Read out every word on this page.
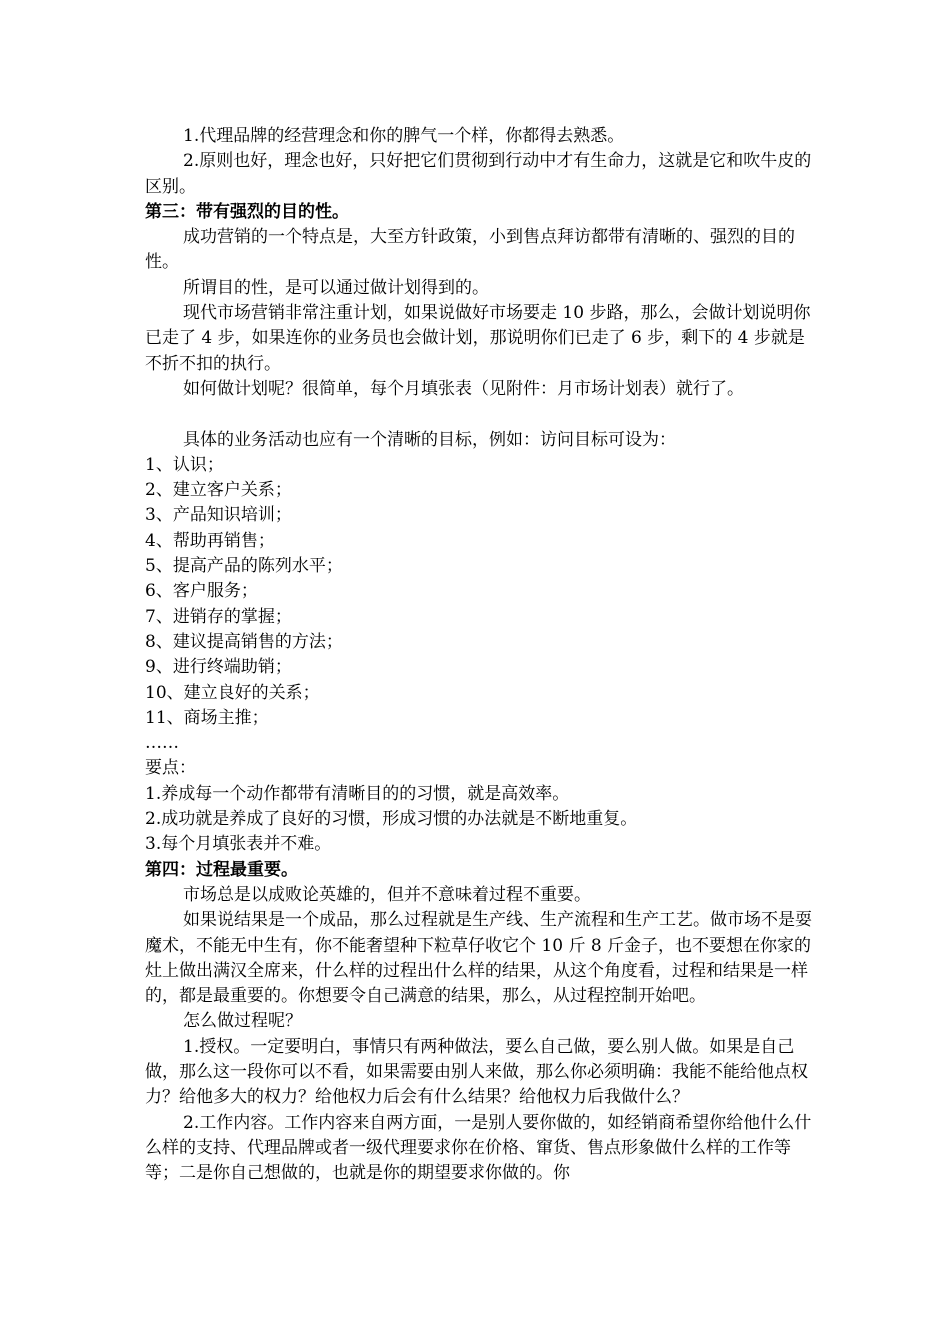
1.代理品牌的经营理念和你的脾气一个样，你都得去熟悉。

2.原则也好，理念也好，只好把它们贯彻到行动中才有生命力，这就是它和吹牛皮的区别。

第三：带有强烈的目的性。

成功营销的一个特点是，大至方针政策，小到售点拜访都带有清晰的、强烈的目的性。

所谓目的性，是可以通过做计划得到的。

现代市场营销非常注重计划，如果说做好市场要走 10 步路，那么，会做计划说明你已走了 4 步，如果连你的业务员也会做计划，那说明你们已走了 6 步，剩下的 4 步就是不折不扣的执行。

如何做计划呢？很简单，每个月填张表（见附件：月市场计划表）就行了。

具体的业务活动也应有一个清晰的目标，例如：访问目标可设为：

1、认识；

2、建立客户关系；

3、产品知识培训；

4、帮助再销售；

5、提高产品的陈列水平；

6、客户服务；

7、进销存的掌握；

8、建议提高销售的方法；

9、进行终端助销；

10、建立良好的关系；

11、商场主推；

……

要点：

1.养成每一个动作都带有清晰目的的习惯，就是高效率。

2.成功就是养成了良好的习惯，形成习惯的办法就是不断地重复。

3.每个月填张表并不难。

第四：过程最重要。

市场总是以成败论英雄的，但并不意味着过程不重要。

如果说结果是一个成品，那么过程就是生产线、生产流程和生产工艺。做市场不是耍魔术，不能无中生有，你不能奢望种下粒草仔收它个 10 斤 8 斤金子，也不要想在你家的灶上做出满汉全席来，什么样的过程出什么样的结果，从这个角度看，过程和结果是一样的，都是最重要的。你想要令自己满意的结果，那么，从过程控制开始吧。

怎么做过程呢？

1.授权。一定要明白，事情只有两种做法，要么自己做，要么别人做。如果是自己做，那么这一段你可以不看，如果需要由别人来做，那么你必须明确：我能不能给他点权力？给他多大的权力？给他权力后会有什么结果？给他权力后我做什么？

2.工作内容。工作内容来自两方面，一是别人要你做的，如经销商希望你给他什么什么样的支持、代理品牌或者一级代理要求你在价格、窜货、售点形象做什么样的工作等等；二是你自己想做的，也就是你的期望要求你做的。你
